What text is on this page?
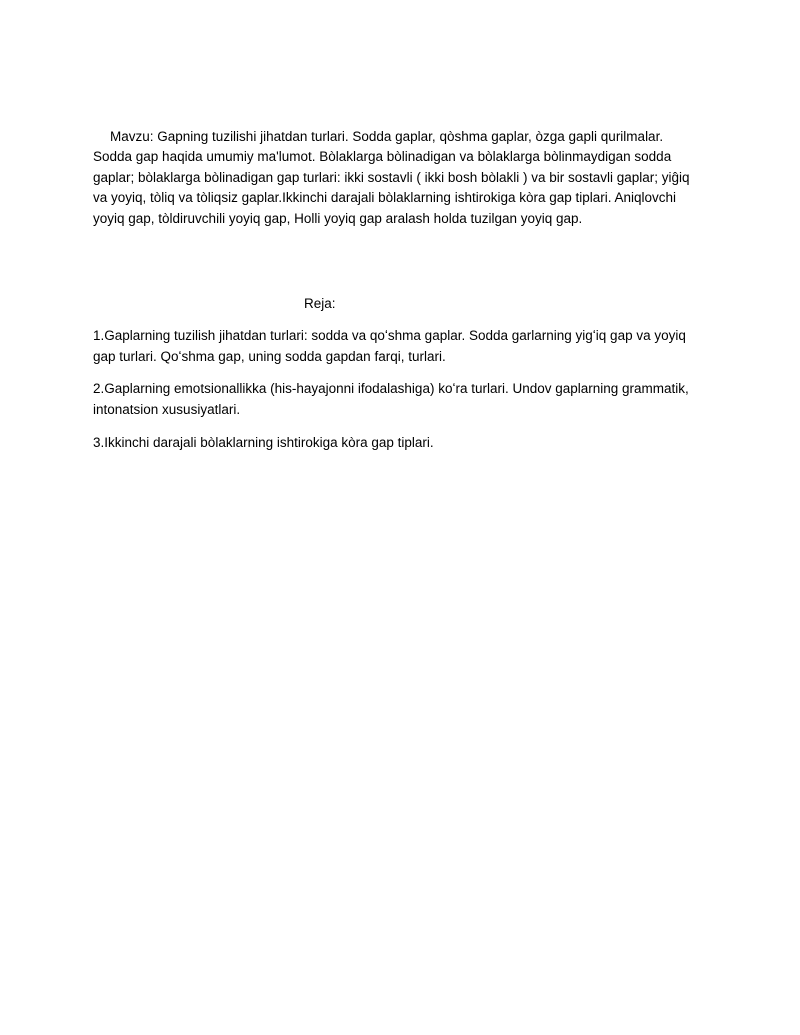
Mavzu: Gapning tuzilishi jihatdan turlari. Sodda gaplar, qòshma gaplar, òzga gapli qurilmalar. Sodda gap haqida umumiy ma'lumot. Bòlaklarga bòlinadigan va bòlaklarga bòlinmaydigan sodda gaplar; bòlaklarga bòlinadigan gap turlari: ikki sostavli ( ikki bosh bòlakli ) va bir sostavli gaplar; yiĝiq va yoyiq, tòliq va tòliqsiz gaplar.Ikkinchi darajali bòlaklarning ishtirokiga kòra gap tiplari. Aniqlovchi yoyiq gap, tòldiruvchili yoyiq gap, Holli yoyiq gap aralash holda tuzilgan yoyiq gap.

Reja:

1.Gaplarning tuzilish jihatdan turlari: sodda va qoʻshma gaplar. Sodda garlarning yigʻiq gap va yoyiq gap turlari. Qoʻshma gap, uning sodda gapdan farqi, turlari.

2.Gaplarning emotsionallikka (his-hayajonni ifodalashiga) koʻra turlari. Undov gaplarning grammatik, intonatsion xususiyatlari.

3.Ikkinchi darajali bòlaklarning ishtirokiga kòra gap tiplari.
